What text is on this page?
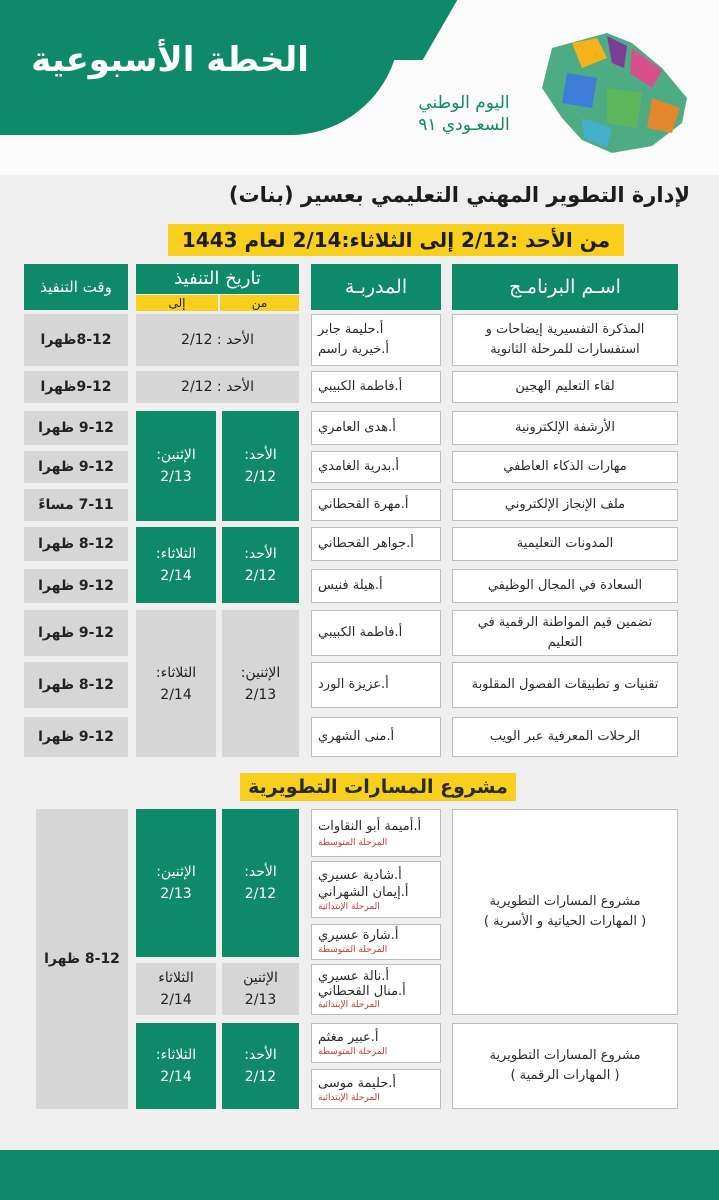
الخطة الأسبوعية
اليوم الوطني
السعـودي ٩١
لإدارة التطوير المهني التعليمي بعسير (بنات)
من الأحد :2/12 إلى الثلاثاء:2/14 لعام 1443
اسـم البرنامـج
المدربـة
تاريخ التنفيذ
من
إلى
وقت التنفيذ
المذكرة التفسيرية إيضاحات و استفسارات للمرحلة الثانوية
لقاء التعليم الهجين
الأرشفة الإلكترونية
مهارات الذكاء العاطفي
ملف الإنجاز الإلكتروني
المدونات التعليمية
السعادة في المجال الوظيفي
تضمين قيم المواطنة الرقمية في التعليم
تقنيات و تطبيقات الفصول المقلوبة
الرحلات المعرفية عبر الويب
أ.حليمة جابر
أ.خيرية راسم
أ.فاطمة الكبيبي
أ.هدى العامري
أ.بدرية الغامدي
أ.مهرة القحطاني
أ.جواهر القحطاني
أ.هيلة فنيس
أ.فاطمة الكبيبي
أ.عزيزة الورد
أ.منى الشهري
الأحد : 2/12
الأحد : 2/12
الأحد:
2/12
الإثنين:
2/13
الأحد:
2/12
الثلاثاء:
2/14
الإثنين:
2/13
الثلاثاء:
2/14
8-12ظهرا
9-12ظهرا
9-12 ظهرا
9-12 ظهرا
7-11 مساءً
8-12 ظهرا
9-12 ظهرا
9-12 ظهرا
8-12 ظهرا
9-12 ظهرا
مشروع المسارات التطويرية
مشروع المسارات التطويرية
( المهارات الحياتية و الأسرية )
مشروع المسارات التطويرية
( المهارات الرقمية )
أ.أميمة أبو النقاوات
المرحلة المتوسطة
أ.شادية عسيري
أ.إيمان الشهراني
المرحلة الإبتدائية
أ.شارة عسيري
المرحلة المتوسطة
أ.نالة عسيري
أ.منال القحطاني
المرحلة الإبتدائية
أ.عبير مغثم
المرحلة المتوسطة
أ.حليمة موسى
المرحلة الإبتدائية
الأحد:
2/12
الإثنين:
2/13
الإثنين
2/13
الثلاثاء
2/14
الأحد:
2/12
الثلاثاء:
2/14
8-12 ظهرا
